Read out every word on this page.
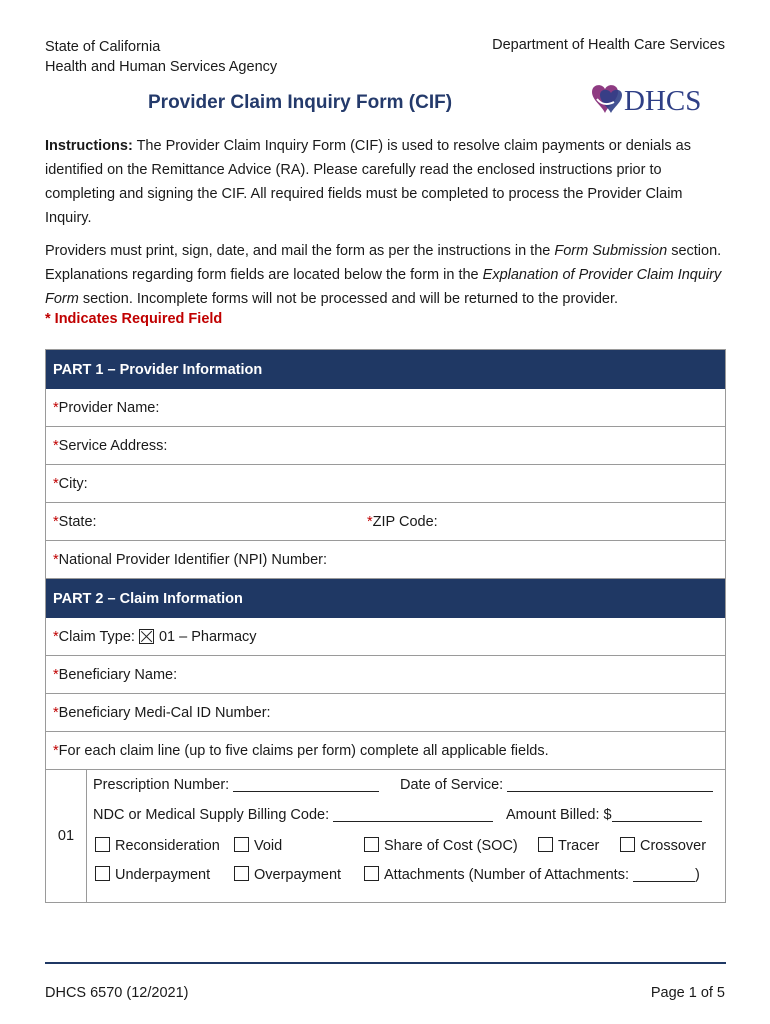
State of California
Health and Human Services Agency
Department of Health Care Services
Provider Claim Inquiry Form (CIF)	DHCS

Instructions: The Provider Claim Inquiry Form (CIF) is used to resolve claim payments or denials as identified on the Remittance Advice (RA). Please carefully read the enclosed instructions prior to completing and signing the CIF. All required fields must be completed to process the Provider Claim Inquiry.

Providers must print, sign, date, and mail the form as per the instructions in the Form Submission section. Explanations regarding form fields are located below the form in the Explanation of Provider Claim Inquiry Form section. Incomplete forms will not be processed and will be returned to the provider.

* Indicates Required Field
PART 1 – Provider Information
* Provider Name:
* Service Address:
* City:
*State:	*ZIP Code:
* National Provider Identifier (NPI) Number:
PART 2 – Claim Information
* Claim Type:
01 – Pharmacy
* Beneficiary Name:
* Beneficiary Medi-Cal ID Number:
* For each claim line (up to five claims per form) complete all applicable fields.
01
Prescription Number:	Date of Service:
NDC or Medical Supply Billing Code:	Amount Billed: $
Reconsideration	Void	Share of Cost (SOC)	Tracer	Crossover
Underpayment	Overpayment	Attachments (Number of Attachments:	)
DHCS 6570 (12/2021)	Page 1 of 5
